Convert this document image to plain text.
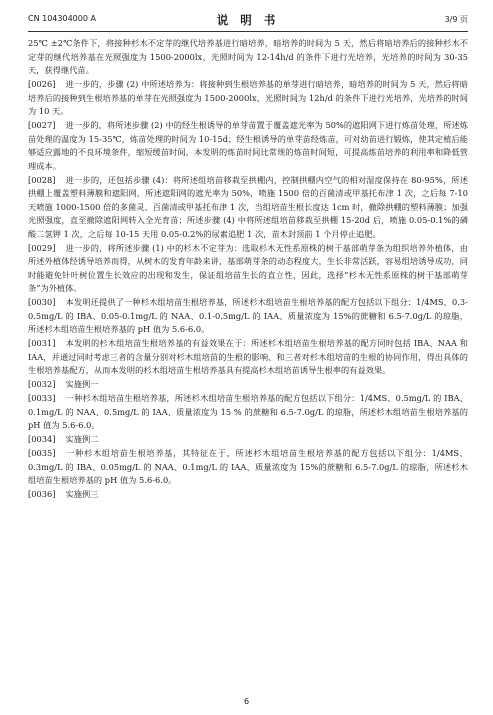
CN 104304000 A	说 明 书	3/9 页

25℃ ±2℃条件下，将接种杉木不定芽的继代培养基进行暗培养，暗培养的时间为 5 天，然后将暗培养后的接种杉木不定芽的继代培养基在光照强度为 1500-2000lx、光照时间为 12-14h/d 的条件下进行光培养，光培养的时间为 30-35 天，获得继代苗。

[0026] 进一步的，步骤 (2) 中所述培养为：将接种到生根培养基的单芽进行暗培养，暗培养的时间为 5 天，然后将暗培养后的接种到生根培养基的单芽在光照强度为 1500-2000lx，光照时间为 12h/d 的条件下进行光培养，光培养的时间为 10 天。

[0027] 进一步的，将所述步骤 (2) 中的经生根诱导的单芽苗置于覆盖遮光率为 50%的遮阳网下进行炼苗处理，所述炼苗处理的温度为 15-35℃，炼苗处理的时间为 10-15d；经生根诱导的单芽苗经炼苗，可对幼苗进行锻炼，使其定植后能够适应露地的不良环境条件，缩短缓苗时间，本发明的炼苗时间比常规的炼苗时间短，可提高炼苗培养的利用率和降低管理成本。

[0028] 进一步的，还包括步骤 (4)：将所述组培苗移栽至拱棚内，控制拱棚内空气的相对湿度保持在 80-95%，所述拱棚上覆盖塑料薄膜和遮阳网，所述遮阳网的遮光率为 50%，喷施 1500 倍的百菌清或甲基托布津 1 次，之后每 7-10 天喷施 1000-1500 倍的多菌灵、百菌清或甲基托布津 1 次，当组培苗生根长度达 1cm 时，撤除拱棚的塑料薄膜；加强光照强度，直至撤除遮阳网转入全光育苗；所述步骤 (4) 中将所述组培苗移栽至拱棚 15-20d 后，喷施 0.05-0.1%的磷酸二氢钾 1 次，之后每 10-15 天用 0.05-0.2%的尿素追肥 1 次，苗木封顶前 1 个月停止追肥。

[0029] 进一步的，将所述步骤 (1) 中的杉木不定芽为：选取杉木无性系原株的树干基部萌芽条为组织培养外植体，由所述外植体经诱导培养而得，从树木的发育年龄来讲，基部萌芽条的动态程度大，生长非常活跃，容易组培诱导成功，同时能避免针叶树位置生长效应的出现和发生，保证组培苗生长的直立性，因此，选择“杉木无性系原株的树干基部萌芽条”为外植体。

[0030] 本发明还提供了一种杉木组培苗生根培养基，所述杉木组培苗生根培养基的配方包括以下组分：1/4MS、0.3-0.5mg/L 的 IBA、0.05-0.1mg/L 的 NAA、0.1-0.5mg/L 的 IAA、质量浓度为 15%的蔗糖和 6.5-7.0g/L 的琼脂，所述杉木组培苗生根培养基的 pH 值为 5.6-6.0。

[0031] 本发明的杉木组培苗生根培养基的有益效果在于：所述杉木组培苗生根培养基的配方同时包括 IBA、NAA 和 IAA，并通过同时考虑三者的含量分别对杉木组培苗的生根的影响、和三者对杉木组培苗的生根的协同作用，得出具体的生根培养基配方，从而本发明的杉木组培苗生根培养基具有提高杉木组培苗诱导生根率的有益效果。

[0032] 实施例一

[0033] 一种杉木组培苗生根培养基，所述杉木组培苗生根培养基的配方包括以下组分：1/4MS、0.5mg/L 的 IBA、0.1mg/L 的 NAA、0.5mg/L 的 IAA、质量浓度为 15 % 的蔗糖和 6.5-7.0g/L 的琼脂，所述杉木组培苗生根培养基的 pH 值为 5.6-6.0。

[0034] 实施例二

[0035] 一种杉木组培苗生根培养基，其特征在于，所述杉木组培苗生根培养基的配方包括以下组分：1/4MS、0.3mg/L 的 IBA、0.05mg/L 的 NAA、0.1mg/L 的 IAA、质量浓度为 15%的蔗糖和 6.5-7.0g/L 的琼脂，所述杉木组培苗生根培养基的 pH 值为 5.6-6.0。

[0036] 实施例三

6
